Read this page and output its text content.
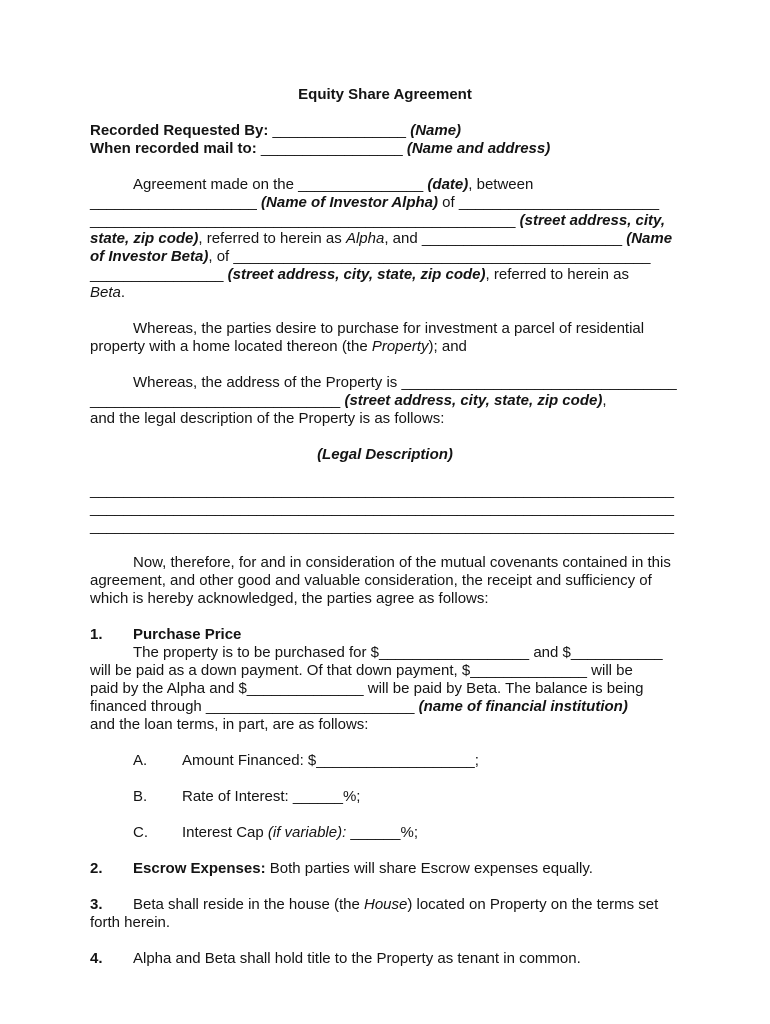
Equity Share Agreement
Recorded Requested By: ________________ (Name)
When recorded mail to: _________________ (Name and address)
Agreement made on the _______________ (date), between
____________________ (Name of Investor Alpha) of ________________________
___________________________________________________ (street address, city,
state, zip code), referred to herein as Alpha, and ________________________ (Name
of Investor Beta), of __________________________________________________
________________ (street address, city, state, zip code), referred to herein as
Beta.
Whereas, the parties desire to purchase for investment a parcel of residential
property with a home located thereon (the Property); and
Whereas, the address of the Property is _________________________________
______________________________ (street address, city, state, zip code),
and the legal description of the Property is as follows:
(Legal Description)
______________________________________________________________________
______________________________________________________________________
______________________________________________________________________
Now, therefore, for and in consideration of the mutual covenants contained in this
agreement, and other good and valuable consideration, the receipt and sufficiency of
which is hereby acknowledged, the parties agree as follows:
1. Purchase Price
The property is to be purchased for $__________________ and $___________
will be paid as a down payment. Of that down payment, $______________ will be
paid by the Alpha and $______________ will be paid by Beta. The balance is being
financed through _________________________ (name of financial institution)
and the loan terms, in part, are as follows:
A. Amount Financed: $___________________;
B. Rate of Interest: ______%;
C. Interest Cap (if variable): ______%;
2. Escrow Expenses: Both parties will share Escrow expenses equally.
3. Beta shall reside in the house (the House) located on Property on the terms set
forth herein.
4. Alpha and Beta shall hold title to the Property as tenant in common.
